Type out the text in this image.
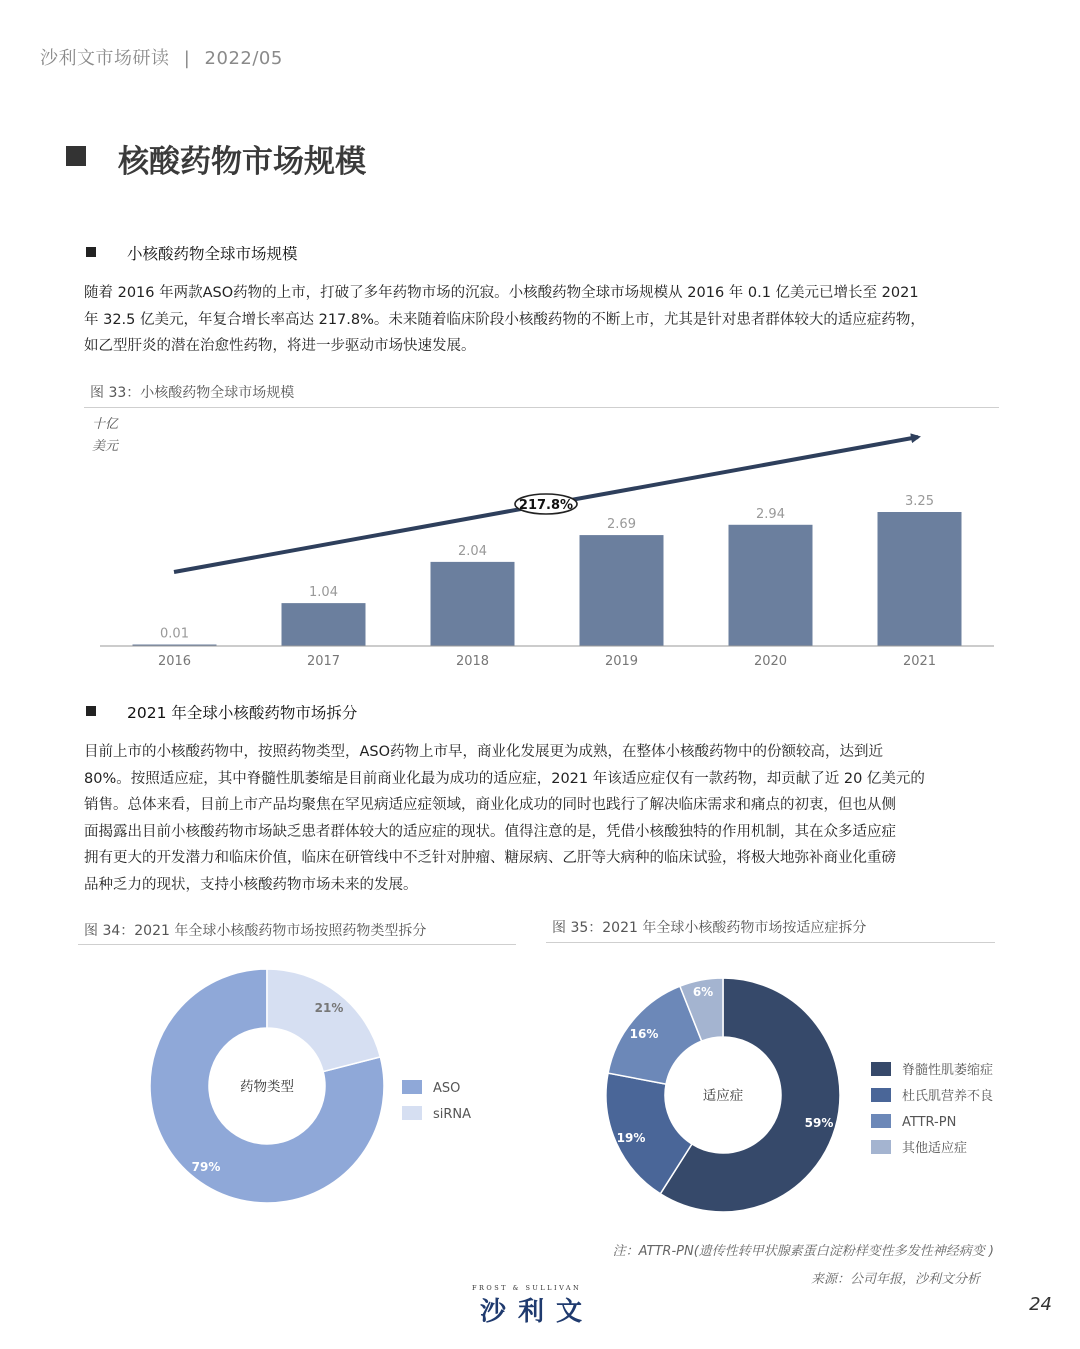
沙利文市场研读 | 2022/05
核酸药物市场规模
小核酸药物全球市场规模
随着 2016 年两款ASO药物的上市，打破了多年药物市场的沉寂。小核酸药物全球市场规模从 2016 年 0.1 亿美元已增长至 2021
年 32.5 亿美元，年复合增长率高达 217.8%。未来随着临床阶段小核酸药物的不断上市，尤其是针对患者群体较大的适应症药物，
如乙型肝炎的潜在治愈性药物，将进一步驱动市场快速发展。
图 33：小核酸药物全球市场规模
十亿
美元
0.01
2016
1.04
2017
2.04
2018
2.69
2019
2.94
2020
3.25
2021
217.8%
2021 年全球小核酸药物市场拆分
目前上市的小核酸药物中，按照药物类型，ASO药物上市早，商业化发展更为成熟，在整体小核酸药物中的份额较高，达到近
80%。按照适应症，其中脊髓性肌萎缩是目前商业化最为成功的适应症，2021 年该适应症仅有一款药物，却贡献了近 20 亿美元的
销售。总体来看，目前上市产品均聚焦在罕见病适应症领域，商业化成功的同时也践行了解决临床需求和痛点的初衷，但也从侧
面揭露出目前小核酸药物市场缺乏患者群体较大的适应症的现状。值得注意的是，凭借小核酸独特的作用机制，其在众多适应症
拥有更大的开发潜力和临床价值，临床在研管线中不乏针对肿瘤、糖尿病、乙肝等大病种的临床试验，将极大地弥补商业化重磅
品种乏力的现状，支持小核酸药物市场未来的发展。
图 34：2021 年全球小核酸药物市场按照药物类型拆分	图 35：2021 年全球小核酸药物市场按适应症拆分
79%
ASO
21%
siRNA
药物类型
59%
脊髓性肌萎缩症
19%
杜氏肌营养不良
16%
ATTR-PN
6%
其他适应症
适应症
注：ATTR-PN(遗传性转甲状腺素蛋白淀粉样变性多发性神经病变 )
来源：公司年报，沙利文分析
FROST & SULLIVAN
沙利文	24
